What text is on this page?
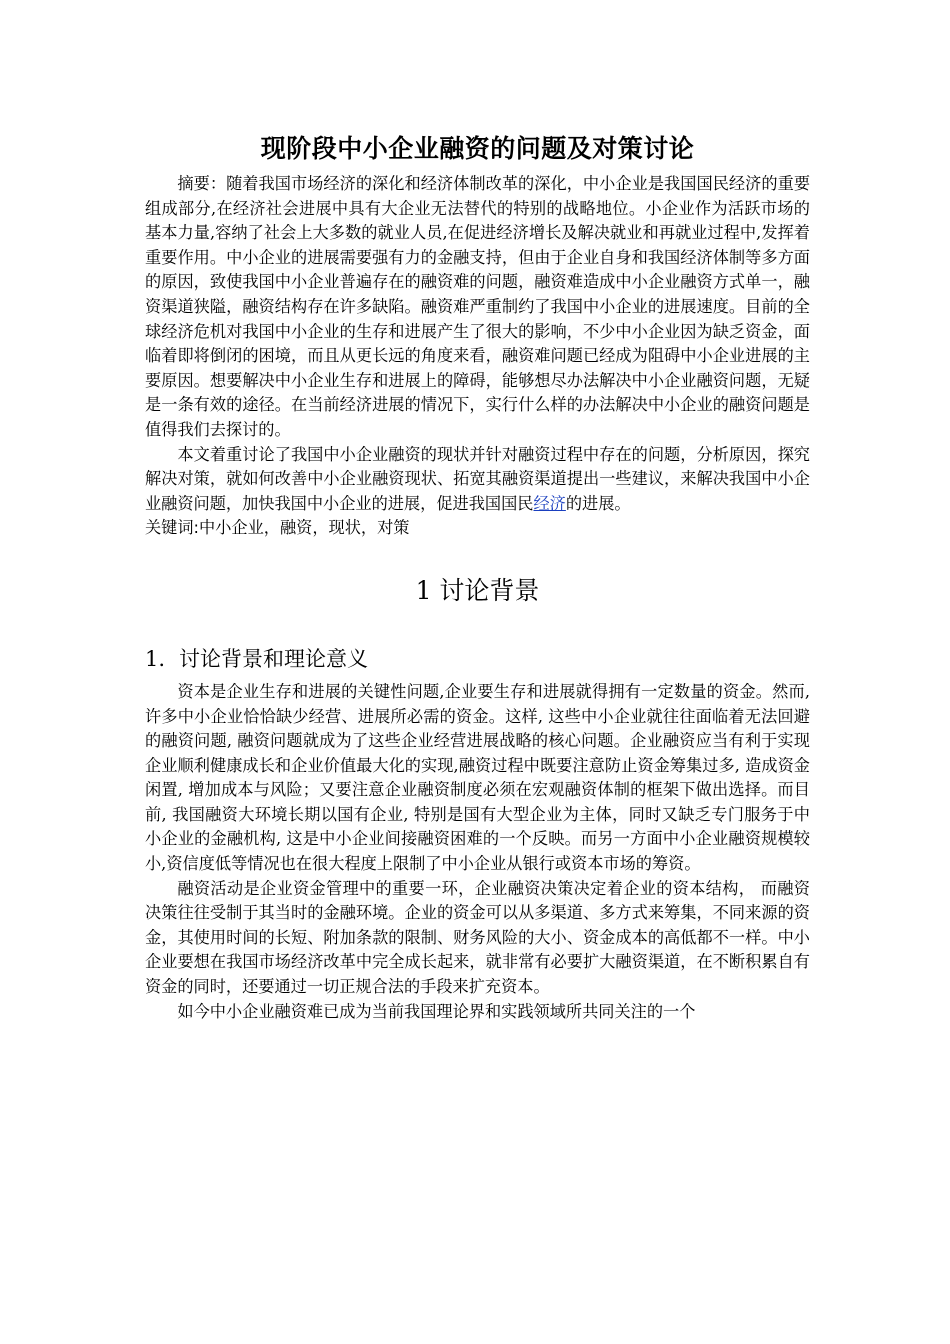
现阶段中小企业融资的问题及对策讨论

摘要：随着我国市场经济的深化和经济体制改革的深化，中小企业是我国国民经济的重要组成部分,在经济社会进展中具有大企业无法替代的特别的战略地位。小企业作为活跃市场的基本力量,容纳了社会上大多数的就业人员,在促进经济增长及解决就业和再就业过程中,发挥着重要作用。中小企业的进展需要强有力的金融支持，但由于企业自身和我国经济体制等多方面的原因，致使我国中小企业普遍存在的融资难的问题，融资难造成中小企业融资方式单一，融资渠道狭隘，融资结构存在许多缺陷。融资难严重制约了我国中小企业的进展速度。目前的全球经济危机对我国中小企业的生存和进展产生了很大的影响，不少中小企业因为缺乏资金，面临着即将倒闭的困境，而且从更长远的角度来看，融资难问题已经成为阻碍中小企业进展的主要原因。想要解决中小企业生存和进展上的障碍，能够想尽办法解决中小企业融资问题，无疑是一条有效的途径。在当前经济进展的情况下，实行什么样的办法解决中小企业的融资问题是值得我们去探讨的。

本文着重讨论了我国中小企业融资的现状并针对融资过程中存在的问题，分析原因，探究解决对策，就如何改善中小企业融资现状、拓宽其融资渠道提出一些建议，来解决我国中小企业融资问题，加快我国中小企业的进展，促进我国国民经济的进展。

关键词:中小企业，融资，现状，对策

1 讨论背景
1. 讨论背景和理论意义

资本是企业生存和进展的关键性问题,企业要生存和进展就得拥有一定数量的资金。然而, 许多中小企业恰恰缺少经营、进展所必需的资金。这样, 这些中小企业就往往面临着无法回避的融资问题, 融资问题就成为了这些企业经营进展战略的核心问题。企业融资应当有利于实现企业顺利健康成长和企业价值最大化的实现,融资过程中既要注意防止资金筹集过多, 造成资金闲置, 增加成本与风险；又要注意企业融资制度必须在宏观融资体制的框架下做出选择。而目前, 我国融资大环境长期以国有企业, 特别是国有大型企业为主体，同时又缺乏专门服务于中小企业的金融机构, 这是中小企业间接融资困难的一个反映。而另一方面中小企业融资规模较小,资信度低等情况也在很大程度上限制了中小企业从银行或资本市场的筹资。

融资活动是企业资金管理中的重要一环，企业融资决策决定着企业的资本结构， 而融资决策往往受制于其当时的金融环境。企业的资金可以从多渠道、多方式来筹集，不同来源的资金，其使用时间的长短、附加条款的限制、财务风险的大小、资金成本的高低都不一样。中小企业要想在我国市场经济改革中完全成长起来，就非常有必要扩大融资渠道，在不断积累自有资金的同时，还要通过一切正规合法的手段来扩充资本。

如今中小企业融资难已成为当前我国理论界和实践领域所共同关注的一个
